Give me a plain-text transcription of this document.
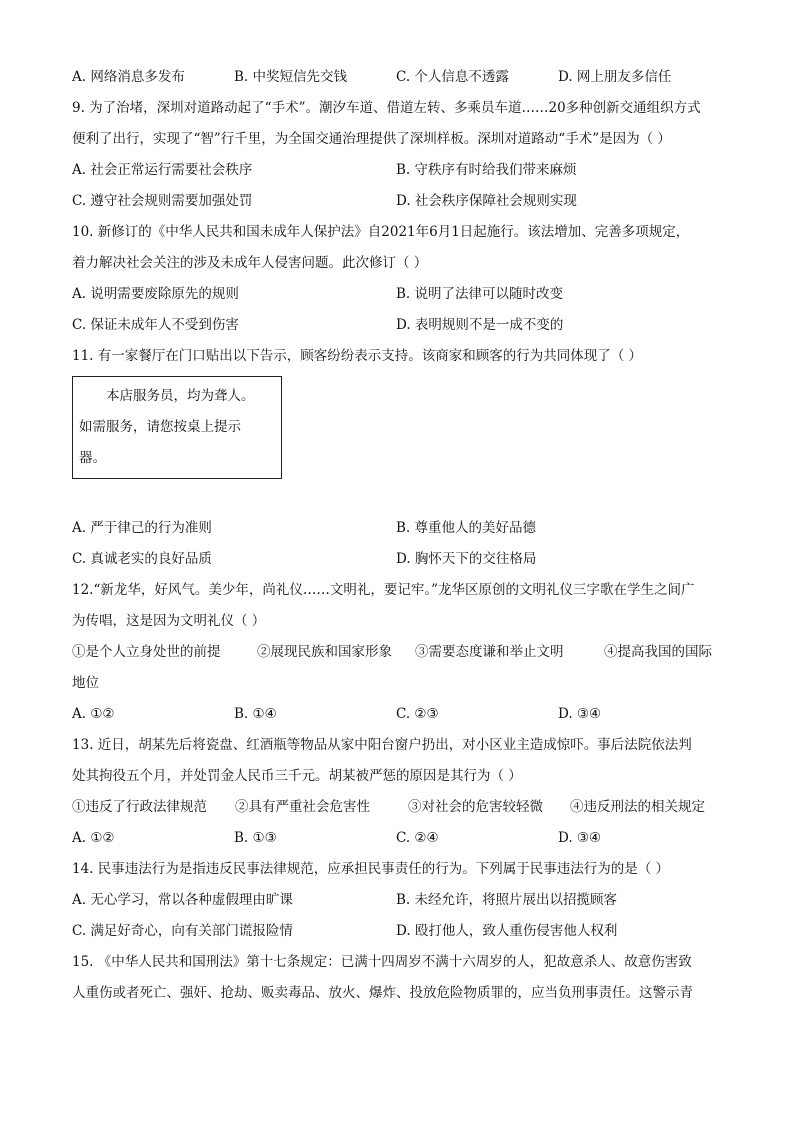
A. 网络消息多发布	B. 中奖短信先交钱	C. 个人信息不透露	D. 网上朋友多信任
9. 为了治堵，深圳对道路动起了“手术”。潮汐车道、借道左转、多乘员车道……20多种创新交通组织方式
便利了出行，实现了“智”行千里，为全国交通治理提供了深圳样板。深圳对道路动“手术”是因为（ ）
A. 社会正常运行需要社会秩序	B. 守秩序有时给我们带来麻烦
C. 遵守社会规则需要加强处罚	D. 社会秩序保障社会规则实现
10. 新修订的《中华人民共和国未成年人保护法》自2021年6月1日起施行。该法增加、完善多项规定，
着力解决社会关注的涉及未成年人侵害问题。此次修订（ ）
A. 说明需要废除原先的规则	B. 说明了法律可以随时改变
C. 保证未成年人不受到伤害	D. 表明规则不是一成不变的
11. 有一家餐厅在门口贴出以下告示，顾客纷纷表示支持。该商家和顾客的行为共同体现了（ ）
本店服务员，均为聋人。
如需服务，请您按桌上提示
器。
A. 严于律己的行为准则	B. 尊重他人的美好品德
C. 真诚老实的良好品质	D. 胸怀天下的交往格局
12.“新龙华，好风气。美少年，尚礼仪……文明礼，要记牢。”龙华区原创的文明礼仪三字歌在学生之间广
为传唱，这是因为文明礼仪（ ）
①是个人立身处世的前提	②展现民族和国家形象 ③需要态度谦和举止文明	④提高我国的国际
地位
A. ①②	B. ①④	C. ②③	D. ③④
13. 近日，胡某先后将瓷盘、红酒瓶等物品从家中阳台窗户扔出，对小区业主造成惊吓。事后法院依法判
处其拘役五个月，并处罚金人民币三千元。胡某被严惩的原因是其行为（ ）
①违反了行政法律规范 ②具有严重社会危害性	③对社会的危害较轻微 ④违反刑法的相关规定
A. ①②	B. ①③	C. ②④	D. ③④
14. 民事违法行为是指违反民事法律规范，应承担民事责任的行为。下列属于民事违法行为的是（ ）
A. 无心学习，常以各种虚假理由旷课	B. 未经允许，将照片展出以招揽顾客
C. 满足好奇心，向有关部门谎报险情	D. 殴打他人，致人重伤侵害他人权利
15. 《中华人民共和国刑法》第十七条规定：已满十四周岁不满十六周岁的人，犯故意杀人、故意伤害致
人重伤或者死亡、强奸、抢劫、贩卖毒品、放火、爆炸、投放危险物质罪的，应当负刑事责任。这警示青
